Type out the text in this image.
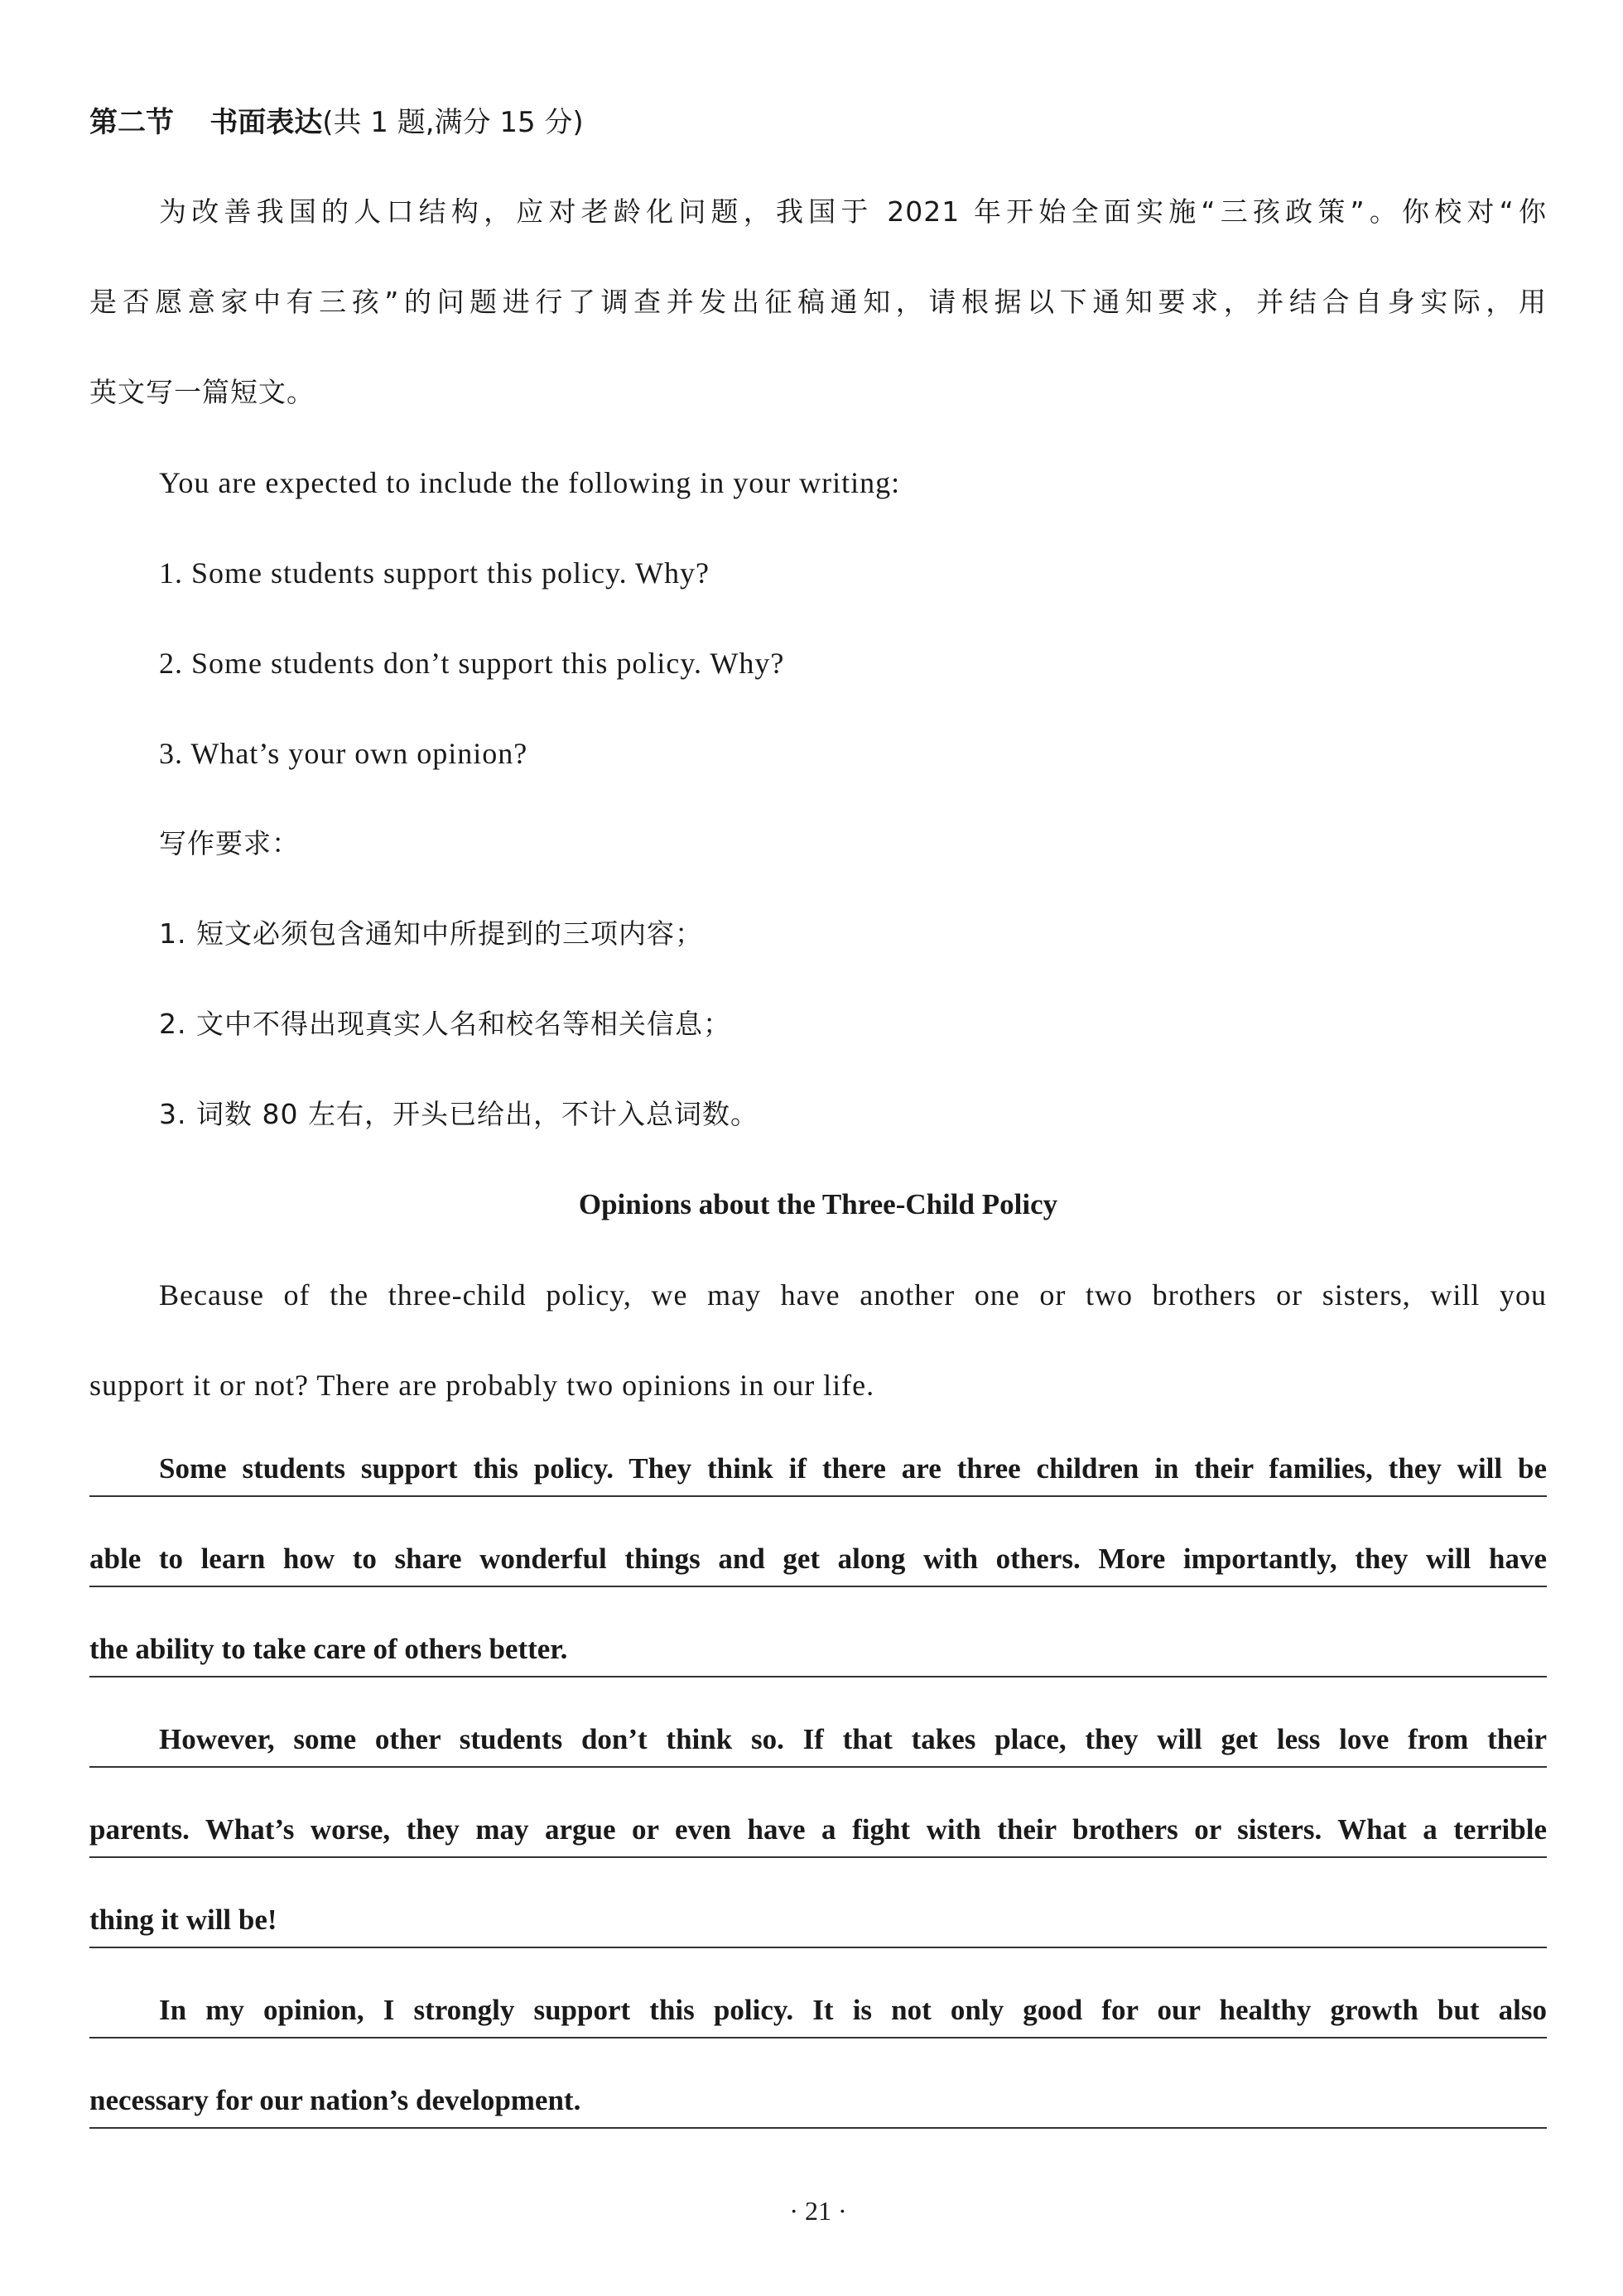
第二节 书面表达(共 1 题,满分 15 分)
为改善我国的人口结构，应对老龄化问题，我国于 2021 年开始全面实施“三孩政策”。你校对“你
是否愿意家中有三孩”的问题进行了调查并发出征稿通知，请根据以下通知要求，并结合自身实际，用
英文写一篇短文。
You are expected to include the following in your writing:
1. Some students support this policy. Why?
2. Some students don’t support this policy. Why?
3. What’s your own opinion?
写作要求：
1. 短文必须包含通知中所提到的三项内容；
2. 文中不得出现真实人名和校名等相关信息；
3. 词数 80 左右，开头已给出，不计入总词数。
Opinions about the Three-Child Policy
Because of the three-child policy, we may have another one or two brothers or sisters, will you
support it or not? There are probably two opinions in our life.
Some students support this policy. They think if there are three children in their families, they will be
able to learn how to share wonderful things and get along with others. More importantly, they will have
the ability to take care of others better.
However, some other students don’t think so. If that takes place, they will get less love from their
parents. What’s worse, they may argue or even have a fight with their brothers or sisters. What a terrible
thing it will be!
In my opinion, I strongly support this policy. It is not only good for our healthy growth but also
necessary for our nation’s development.
· 21 ·
